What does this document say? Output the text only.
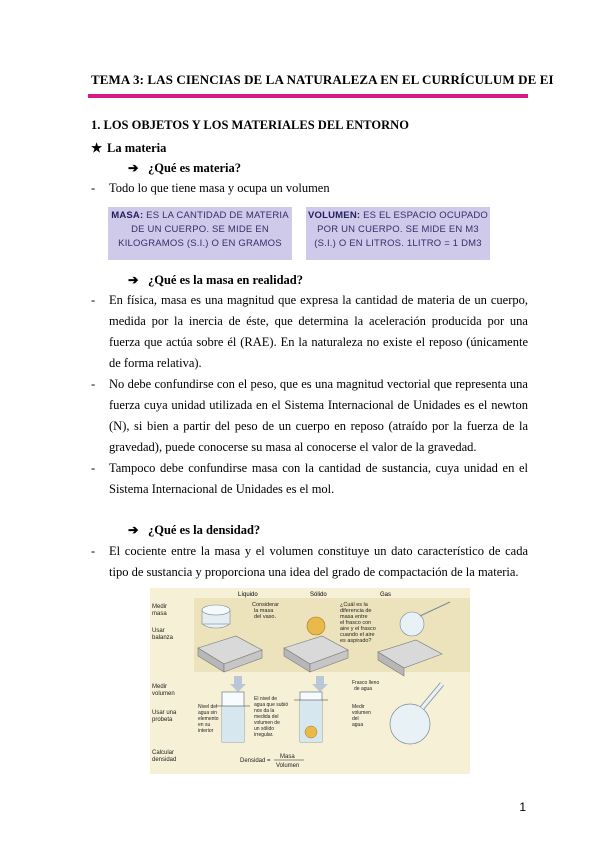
TEMA 3: LAS CIENCIAS DE LA NATURALEZA EN EL CURRÍCULUM DE EI
1. LOS OBJETOS Y LOS MATERIALES DEL ENTORNO
★ La materia
➔ ¿Qué es materia?
- Todo lo que tiene masa y ocupa un volumen
MASA: ES LA CANTIDAD DE MATERIA DE UN CUERPO. SE MIDE EN KILOGRAMOS (S.I.) O EN GRAMOS
VOLUMEN: ES EL ESPACIO OCUPADO POR UN CUERPO. SE MIDE EN M3 (S.I.) O EN LITROS. 1LITRO = 1 DM3
➔ ¿Qué es la masa en realidad?
- En física, masa es una magnitud que expresa la cantidad de materia de un cuerpo, medida por la inercia de éste, que determina la aceleración producida por una fuerza que actúa sobre él (RAE). En la naturaleza no existe el reposo (únicamente de forma relativa).
- No debe confundirse con el peso, que es una magnitud vectorial que representa una fuerza cuya unidad utilizada en el Sistema Internacional de Unidades es el newton (N), si bien a partir del peso de un cuerpo en reposo (atraído por la fuerza de la gravedad), puede conocerse su masa al conocerse el valor de la gravedad.
- Tampoco debe confundirse masa con la cantidad de sustancia, cuya unidad en el Sistema Internacional de Unidades es el mol.
➔ ¿Qué es la densidad?
- El cociente entre la masa y el volumen constituye un dato característico de cada tipo de sustancia y proporciona una idea del grado de compactación de la materia.
Líquido	Sólido	Gas
Medir
masa
Usar
balanza
Medir
volumen
Usar una
probeta
Calcular
densidad
Considerar
la masa
del vaso.
¿Cuál es la
diferencia de
masa entre
el frasco con
aire y el frasco
cuando el aire
es aspirado?
Nivel del
agua sin
elemento
en su
interior
El nivel de
agua que subió
nos da la
medida del
volumen de
un sólido
irregular.
Frasco lleno
de agua
Medir
volumen
del
agua
Densidad =
Masa
Volumen
1
